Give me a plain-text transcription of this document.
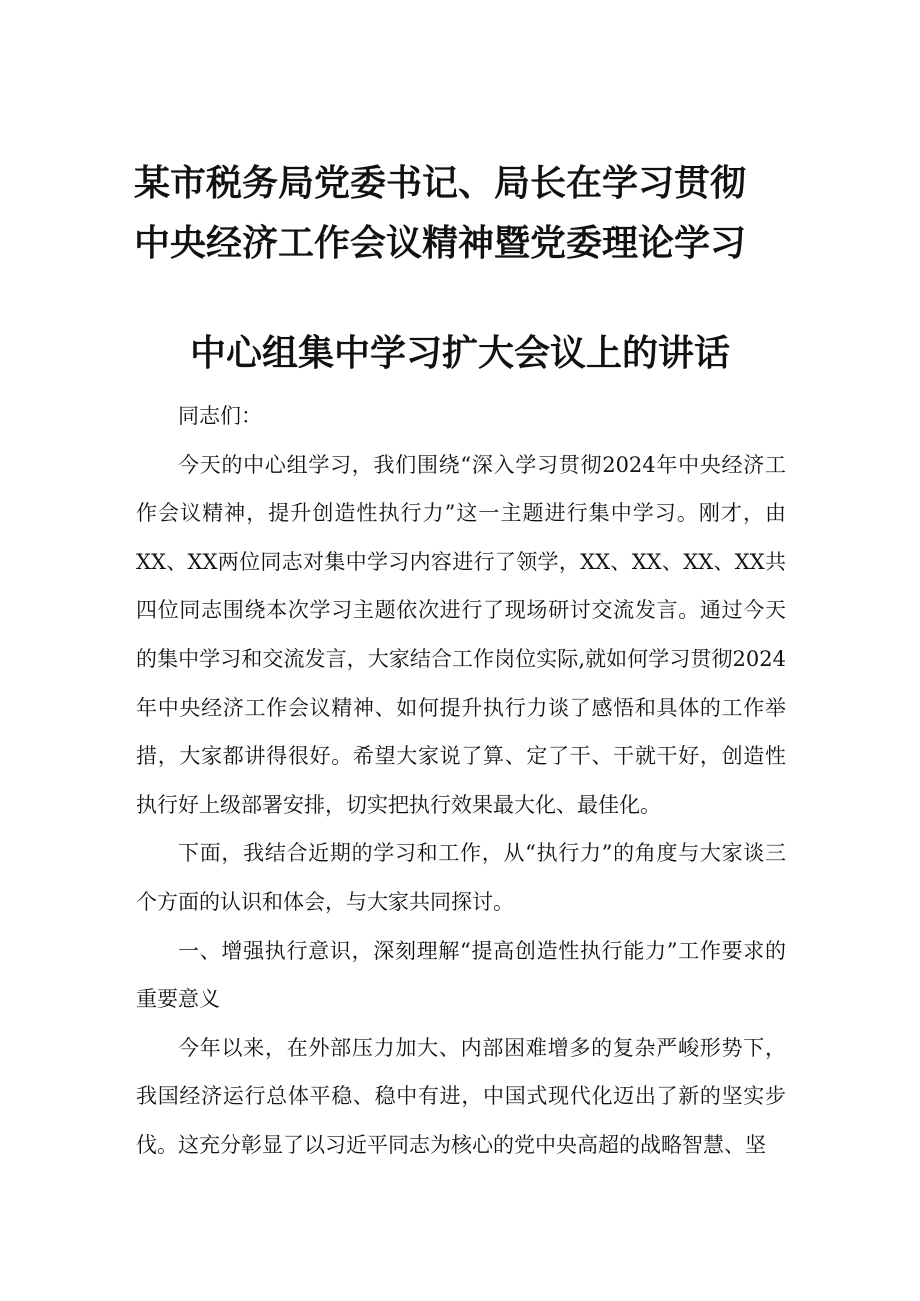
某市税务局党委书记、局长在学习贯彻
中央经济工作会议精神暨党委理论学习
中心组集中学习扩大会议上的讲话

同志们：

今天的中心组学习，我们围绕“深入学习贯彻2024年中央经济工作会议精神，提升创造性执行力”这一主题进行集中学习。刚才，由XX、XX两位同志对集中学习内容进行了领学，XX、XX、XX、XX共四位同志围绕本次学习主题依次进行了现场研讨交流发言。通过今天的集中学习和交流发言，大家结合工作岗位实际,就如何学习贯彻2024年中央经济工作会议精神、如何提升执行力谈了感悟和具体的工作举措，大家都讲得很好。希望大家说了算、定了干、干就干好，创造性执行好上级部署安排，切实把执行效果最大化、最佳化。

下面，我结合近期的学习和工作，从“执行力”的角度与大家谈三个方面的认识和体会，与大家共同探讨。

一、增强执行意识，深刻理解“提高创造性执行能力”工作要求的重要意义

今年以来，在外部压力加大、内部困难增多的复杂严峻形势下，我国经济运行总体平稳、稳中有进，中国式现代化迈出了新的坚实步伐。这充分彰显了以习近平同志为核心的党中央高超的战略智慧、坚
